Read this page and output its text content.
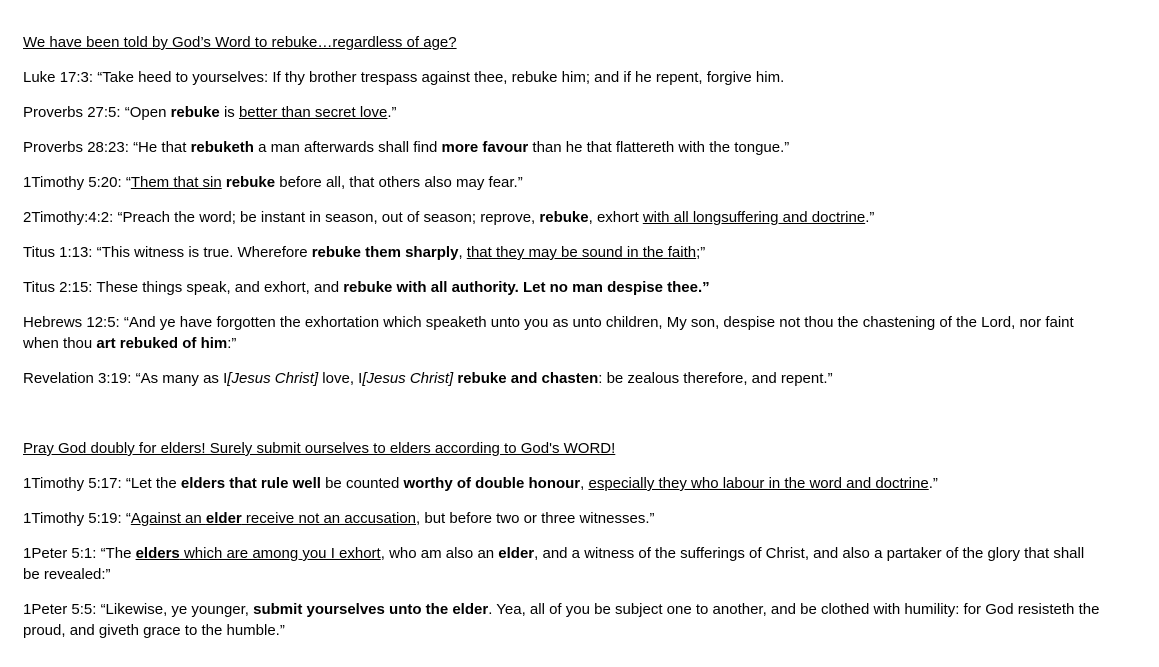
We have been told by God’s Word to rebuke…regardless of age?

Luke 17:3: “Take heed to yourselves: If thy brother trespass against thee, rebuke him; and if he repent, forgive him.

Proverbs 27:5: “Open rebuke is better than secret love.”

Proverbs 28:23: “He that rebuketh a man afterwards shall find more favour than he that flattereth with the tongue.”

1Timothy 5:20: “Them that sin rebuke before all, that others also may fear.”

2Timothy:4:2: “Preach the word; be instant in season, out of season; reprove, rebuke, exhort with all longsuffering and doctrine.”

Titus 1:13: “This witness is true. Wherefore rebuke them sharply, that they may be sound in the faith;”

Titus 2:15: These things speak, and exhort, and rebuke with all authority. Let no man despise thee.”

Hebrews 12:5: “And ye have forgotten the exhortation which speaketh unto you as unto children, My son, despise not thou the chastening of the Lord, nor faint when thou art rebuked of him:”

Revelation 3:19: “As many as I[Jesus Christ] love, I[Jesus Christ] rebuke and chasten: be zealous therefore, and repent.”

Pray God doubly for elders! Surely submit ourselves to elders according to God's WORD!

1Timothy 5:17: “Let the elders that rule well be counted worthy of double honour, especially they who labour in the word and doctrine.”

1Timothy 5:19: “Against an elder receive not an accusation, but before two or three witnesses.”

1Peter 5:1: “The elders which are among you I exhort, who am also an elder, and a witness of the sufferings of Christ, and also a partaker of the glory that shall be revealed:”

1Peter 5:5: “Likewise, ye younger, submit yourselves unto the elder. Yea, all of you be subject one to another, and be clothed with humility: for God resisteth the proud, and giveth grace to the humble.”
